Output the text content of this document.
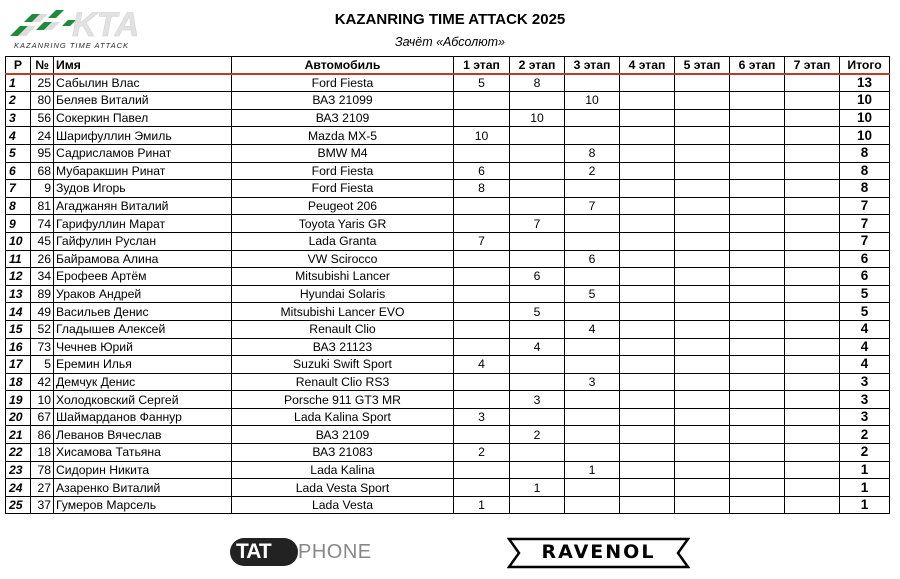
KTA
KAZANRING TIME ATTACK
KAZANRING TIME ATTACK 2025
Зачёт «Абсолют»
Р	№	Имя	Автомобиль	1 этап	2 этап	3 этап	4 этап	5 этап	6 этап	7 этап	Итого
1	25	Сабылин Влас	Ford Fiesta	5	8						13
2	80	Беляев Виталий	ВАЗ 21099			10					10
3	56	Сокеркин Павел	ВАЗ 2109		10						10
4	24	Шарифуллин Эмиль	Mazda MX-5	10							10
5	95	Садрисламов Ринат	BMW M4			8					8
6	68	Мубаракшин Ринат	Ford Fiesta	6		2					8
7	9	Зудов Игорь	Ford Fiesta	8							8
8	81	Агаджанян Виталий	Peugeot 206			7					7
9	74	Гарифуллин Марат	Toyota Yaris GR		7						7
10	45	Гайфулин Руслан	Lada Granta	7							7
11	26	Байрамова Алина	VW Scirocco			6					6
12	34	Ерофеев Артём	Mitsubishi Lancer		6						6
13	89	Ураков Андрей	Hyundai Solaris			5					5
14	49	Васильев Денис	Mitsubishi Lancer EVO		5						5
15	52	Гладышев Алексей	Renault Clio			4					4
16	73	Чечнев Юрий	ВАЗ 21123		4						4
17	5	Еремин Илья	Suzuki Swift Sport	4							4
18	42	Демчук Денис	Renault Clio RS3			3					3
19	10	Холодковский Сергей	Porsche 911 GT3 MR		3						3
20	67	Шаймарданов Фаннур	Lada Kalina Sport	3							3
21	86	Леванов Вячеслав	ВАЗ 2109		2						2
22	18	Хисамова Татьяна	ВАЗ 21083	2							2
23	78	Сидорин Никита	Lada Kalina			1					1
24	27	Азаренко Виталий	Lada Vesta Sport		1						1
25	37	Гумеров Марсель	Lada Vesta	1							1
TAT PHONE	RAVENOL
